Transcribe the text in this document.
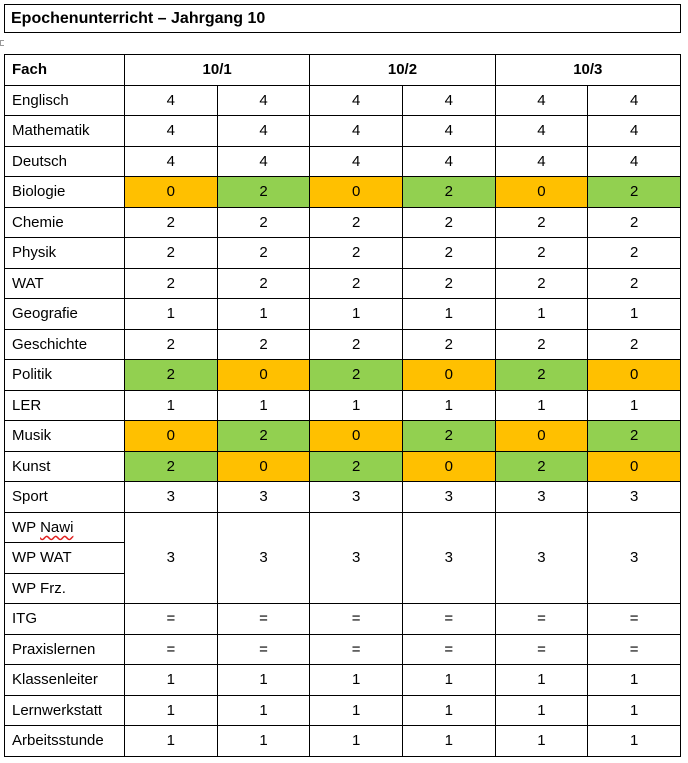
Epochenunterricht – Jahrgang 10
Fach	10/1		10/2		10/3	
Englisch	4	4	4	4	4	4
Mathematik	4	4	4	4	4	4
Deutsch	4	4	4	4	4	4
Biologie	0	2	0	2	0	2
Chemie	2	2	2	2	2	2
Physik	2	2	2	2	2	2
WAT	2	2	2	2	2	2
Geografie	1	1	1	1	1	1
Geschichte	2	2	2	2	2	2
Politik	2	0	2	0	2	0
LER	1	1	1	1	1	1
Musik	0	2	0	2	0	2
Kunst	2	0	2	0	2	0
Sport	3	3	3	3	3	3
WP Nawi	3	3	3	3	3	3
WP WAT						
WP Frz.						
ITG	=	=	=	=	=	=
Praxislernen	=	=	=	=	=	=
Klassenleiter	1	1	1	1	1	1
Lernwerkstatt	1	1	1	1	1	1
Arbeitsstunde	1	1	1	1	1	1
